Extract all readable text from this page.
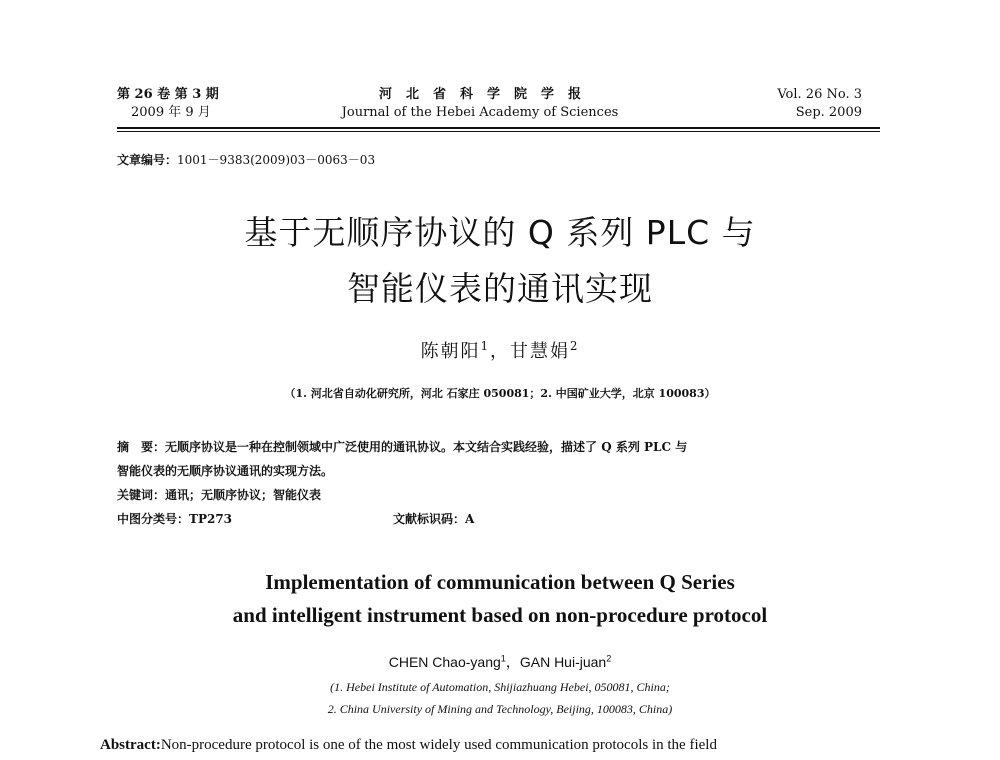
第 26 卷 第 3 期
2009 年 9 月
河北省科学院学报
Journal of the Hebei Academy of Sciences
Vol. 26 No. 3
Sep. 2009
文章编号：1001－9383(2009)03－0063－03
基于无顺序协议的 Q 系列 PLC 与
智能仪表的通讯实现
陈朝阳$^1$，甘慧娟$^2$
（1. 河北省自动化研究所，河北 石家庄 050081；2. 中国矿业大学，北京 100083）
摘　要：无顺序协议是一种在控制领域中广泛使用的通讯协议。本文结合实践经验，描述了 Q 系列 PLC 与
智能仪表的无顺序协议通讯的实现方法。
关键词：通讯；无顺序协议；智能仪表
中图分类号：TP273	文献标识码：A
Implementation of communication between Q Series
and intelligent instrument based on non-procedure protocol
CHEN Chao-yang$^1$，GAN Hui-juan$^2$
(1. Hebei Institute of Automation, Shijiazhuang Hebei, 050081, China;
2. China University of Mining and Technology, Beijing, 100083, China)
Abstract:Non-procedure protocol is one of the most widely used communication protocols in the field
